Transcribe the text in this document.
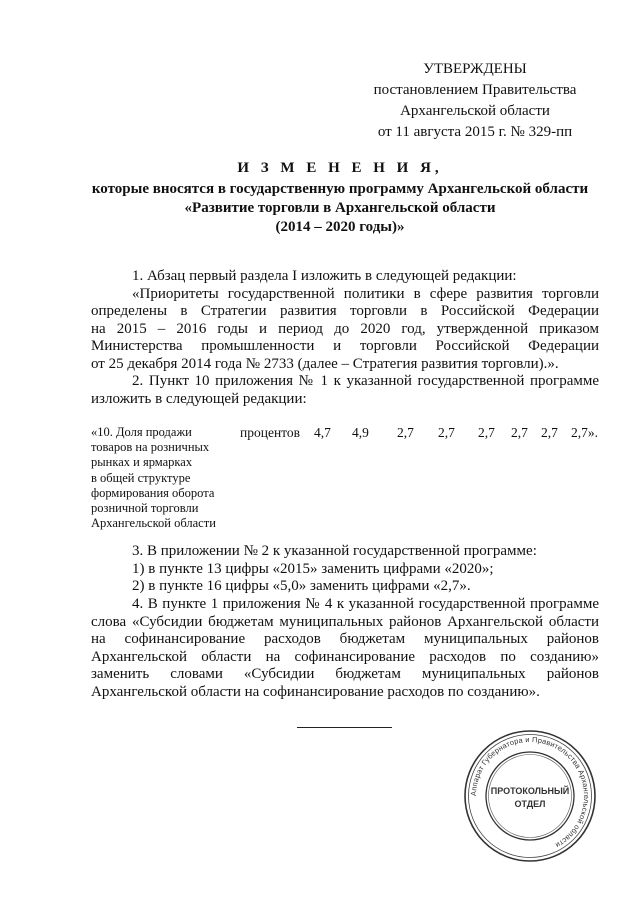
УТВЕРЖДЕНЫ
постановлением Правительства
Архангельской области
от 11 августа 2015 г. № 329-пп
И З М Е Н Е Н И Я,
которые вносятся в государственную программу Архангельской области
«Развитие торговли в Архангельской области
(2014 – 2020 годы)»
1. Абзац первый раздела I изложить в следующей редакции:
«Приоритеты государственной политики в сфере развития торговли
определены в Стратегии развития торговли в Российской Федерации
на 2015 – 2016 годы и период до 2020 год, утвержденной приказом
Министерства промышленности и торговли Российской Федерации
от 25 декабря 2014 года № 2733 (далее – Стратегия развития торговли).».
2. Пункт 10 приложения № 1 к указанной государственной программе
изложить в следующей редакции:
«10. Доля продажи
товаров на розничных
рынках и ярмарках
в общей структуре
формирования оборота
розничной торговли
Архангельской области
процентов 4,7 4,9 2,7 2,7 2,7 2,7 2,7 2,7».
3. В приложении № 2 к указанной государственной программе:
1) в пункте 13 цифры «2015» заменить цифрами «2020»;
2) в пункте 16 цифры «5,0» заменить цифрами «2,7».
4. В пункте 1 приложения № 4 к указанной государственной программе
слова «Субсидии бюджетам муниципальных районов Архангельской области
на софинансирование расходов бюджетам муниципальных районов
Архангельской области на софинансирование расходов по созданию»
заменить словами «Субсидии бюджетам муниципальных районов
Архангельской области на софинансирование расходов по созданию».
Аппарат Губернатора и Правительства Архангельской области
ПРОТОКОЛЬНЫЙ
ОТДЕЛ
